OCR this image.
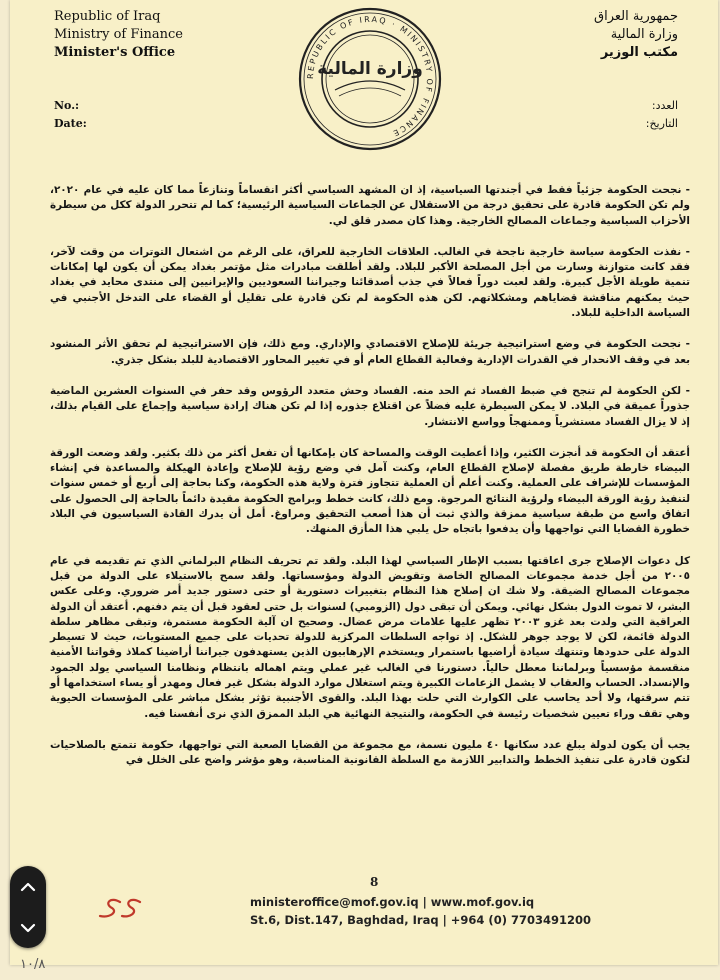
Republic of Iraq
Ministry of Finance
Minister's Office
REPUBLIC OF IRAQ · MINISTRY OF FINANCE
وزارة المالية
جمهورية العراق
وزارة المالية
مكتب الوزير
No.:
Date:
العدد:
التاريخ:

- نجحت الحكومة جزئياً فقط في أجندتها السياسية، إذ ان المشهد السياسي أكثر انقساماً وتنازعاً مما كان عليه في عام ٢٠٢٠، ولم تكن الحكومة قادرة على تحقيق درجة من الاستقلال عن الجماعات السياسية الرئيسية؛ كما لم تتحرر الدولة ككل من سيطرة الأحزاب السياسية وجماعات المصالح الخارجية. وهذا كان مصدر قلق لي.

- نفذت الحكومة سياسة خارجية ناجحة في الغالب. العلاقات الخارجية للعراق، على الرغم من اشتعال التوترات من وقت لآخر، فقد كانت متوازنة وسارت من أجل المصلحة الأكبر للبلاد. ولقد أطلقت مبادرات مثل مؤتمر بغداد يمكن أن يكون لها إمكانات تنمية طويلة الأجل كبيرة. ولقد لعبت دوراً فعالاً في جذب أصدقائنا وجيراننا السعوديين والإيرانيين إلى منتدى محايد في بغداد حيث يمكنهم مناقشة قضاياهم ومشكلاتهم. لكن هذه الحكومة لم تكن قادرة على تقليل أو القضاء على التدخل الأجنبي في السياسة الداخلية للبلاد.

- نجحت الحكومة في وضع استراتيجية جريئة للإصلاح الاقتصادي والإداري. ومع ذلك، فإن الاستراتيجية لم تحقق الأثر المنشود بعد في وقف الانحدار في القدرات الإدارية وفعالية القطاع العام أو في تغيير المحاور الاقتصادية للبلد بشكل جذري.

- لكن الحكومة لم تنجح في ضبط الفساد ثم الحد منه. الفساد وحش متعدد الرؤوس وقد حفر في السنوات العشرين الماضية جذوراً عميقة في البلاد. لا يمكن السيطرة عليه فضلاً عن اقتلاع جذوره إذا لم تكن هناك إرادة سياسية وإجماع على القيام بذلك، إذ لا يزال الفساد مستشرياً وممنهجاً وواسع الانتشار.

أعتقد أن الحكومة قد أنجزت الكثير، وإذا أعطيت الوقت والمساحة كان بإمكانها أن تفعل أكثر من ذلك بكثير. ولقد وضعت الورقة البيضاء خارطة طريق مفصلة لإصلاح القطاع العام، وكنت آمل في وضع رؤية للإصلاح وإعادة الهيكلة والمساعدة في إنشاء المؤسسات للإشراف على العملية. وكنت أعلم أن العملية تتجاوز فترة ولاية هذه الحكومة، وكنا بحاجة إلى أربع أو خمس سنوات لتنفيذ رؤية الورقة البيضاء ولرؤية النتائج المرجوة. ومع ذلك، كانت خطط وبرامج الحكومة مقيدة دائماً بالحاجة إلى الحصول على اتفاق واسع من طبقة سياسية ممزقة والذي ثبت أن هذا أصعب التحقيق ومراوغ. أمل أن يدرك القادة السياسيون في البلاد خطورة القضايا التي تواجهها وأن يدفعوا باتجاه حل يلبي هذا المأزق المنهك.

كل دعوات الإصلاح جرى اعاقتها بسبب الإطار السياسي لهذا البلد. ولقد تم تحريف النظام البرلماني الذي تم تقديمه في عام ٢٠٠٥ من أجل خدمة مجموعات المصالح الخاصة وتقويض الدولة ومؤسساتها. ولقد سمح بالاستيلاء على الدولة من قبل مجموعات المصالح الضيقة. ولا شك ان إصلاح هذا النظام بتغييرات دستورية أو حتى دستور جديد أمر ضروري. وعلى عكس البشر، لا تموت الدول بشكل نهائي. ويمكن أن تبقى دول (الزومبي) لسنوات بل حتى لعقود قبل أن يتم دفنهم. أعتقد أن الدولة العراقية التي ولدت بعد غزو ٢٠٠٣ تظهر عليها علامات مرض عضال. وصحيح ان آلية الحكومة مستمرة، وتبقى مظاهر سلطة الدولة قائمة، لكن لا يوجد جوهر للشكل. إذ تواجه السلطات المركزية للدولة تحديات على جميع المستويات، حيث لا تسيطر الدولة على حدودها وتنتهك سيادة أراضيها باستمرار ويستخدم الإرهابيون الذين يستهدفون جيراننا أراضينا كملاذ وقواتنا الأمنية منقسمة مؤسسياً وبرلماننا معطل حالياً. دستورنا في الغالب غير عملي ويتم اهماله بانتظام ونظامنا السياسي يولد الجمود والإنسداد. الحساب والعقاب لا يشمل الزعامات الكبيرة ويتم استغلال موارد الدولة بشكل غير فعال ومهدر أو يساء استخدامها أو تتم سرقتها، ولا أحد يحاسب على الكوارث التي حلت بهذا البلد. والقوى الأجنبية تؤثر بشكل مباشر على المؤسسات الحيوية وهي تقف وراء تعيين شخصيات رئيسة في الحكومة، والنتيجة النهائية هي البلد الممزق الذي نرى أنفسنا فيه.

يجب أن يكون لدولة يبلغ عدد سكانها ٤٠ مليون نسمة، مع مجموعة من القضايا الصعبة التي تواجهها، حكومة تتمتع بالصلاحيات لتكون قادرة على تنفيذ الخطط والتدابير اللازمة مع السلطة القانونية المناسبة، وهو مؤشر واضح على الخلل في

8
ministeroffice@mof.gov.iq | www.mof.gov.iq
St.6, Dist.147, Baghdad, Iraq | +964 (0) 7703491200
١٠/٨
